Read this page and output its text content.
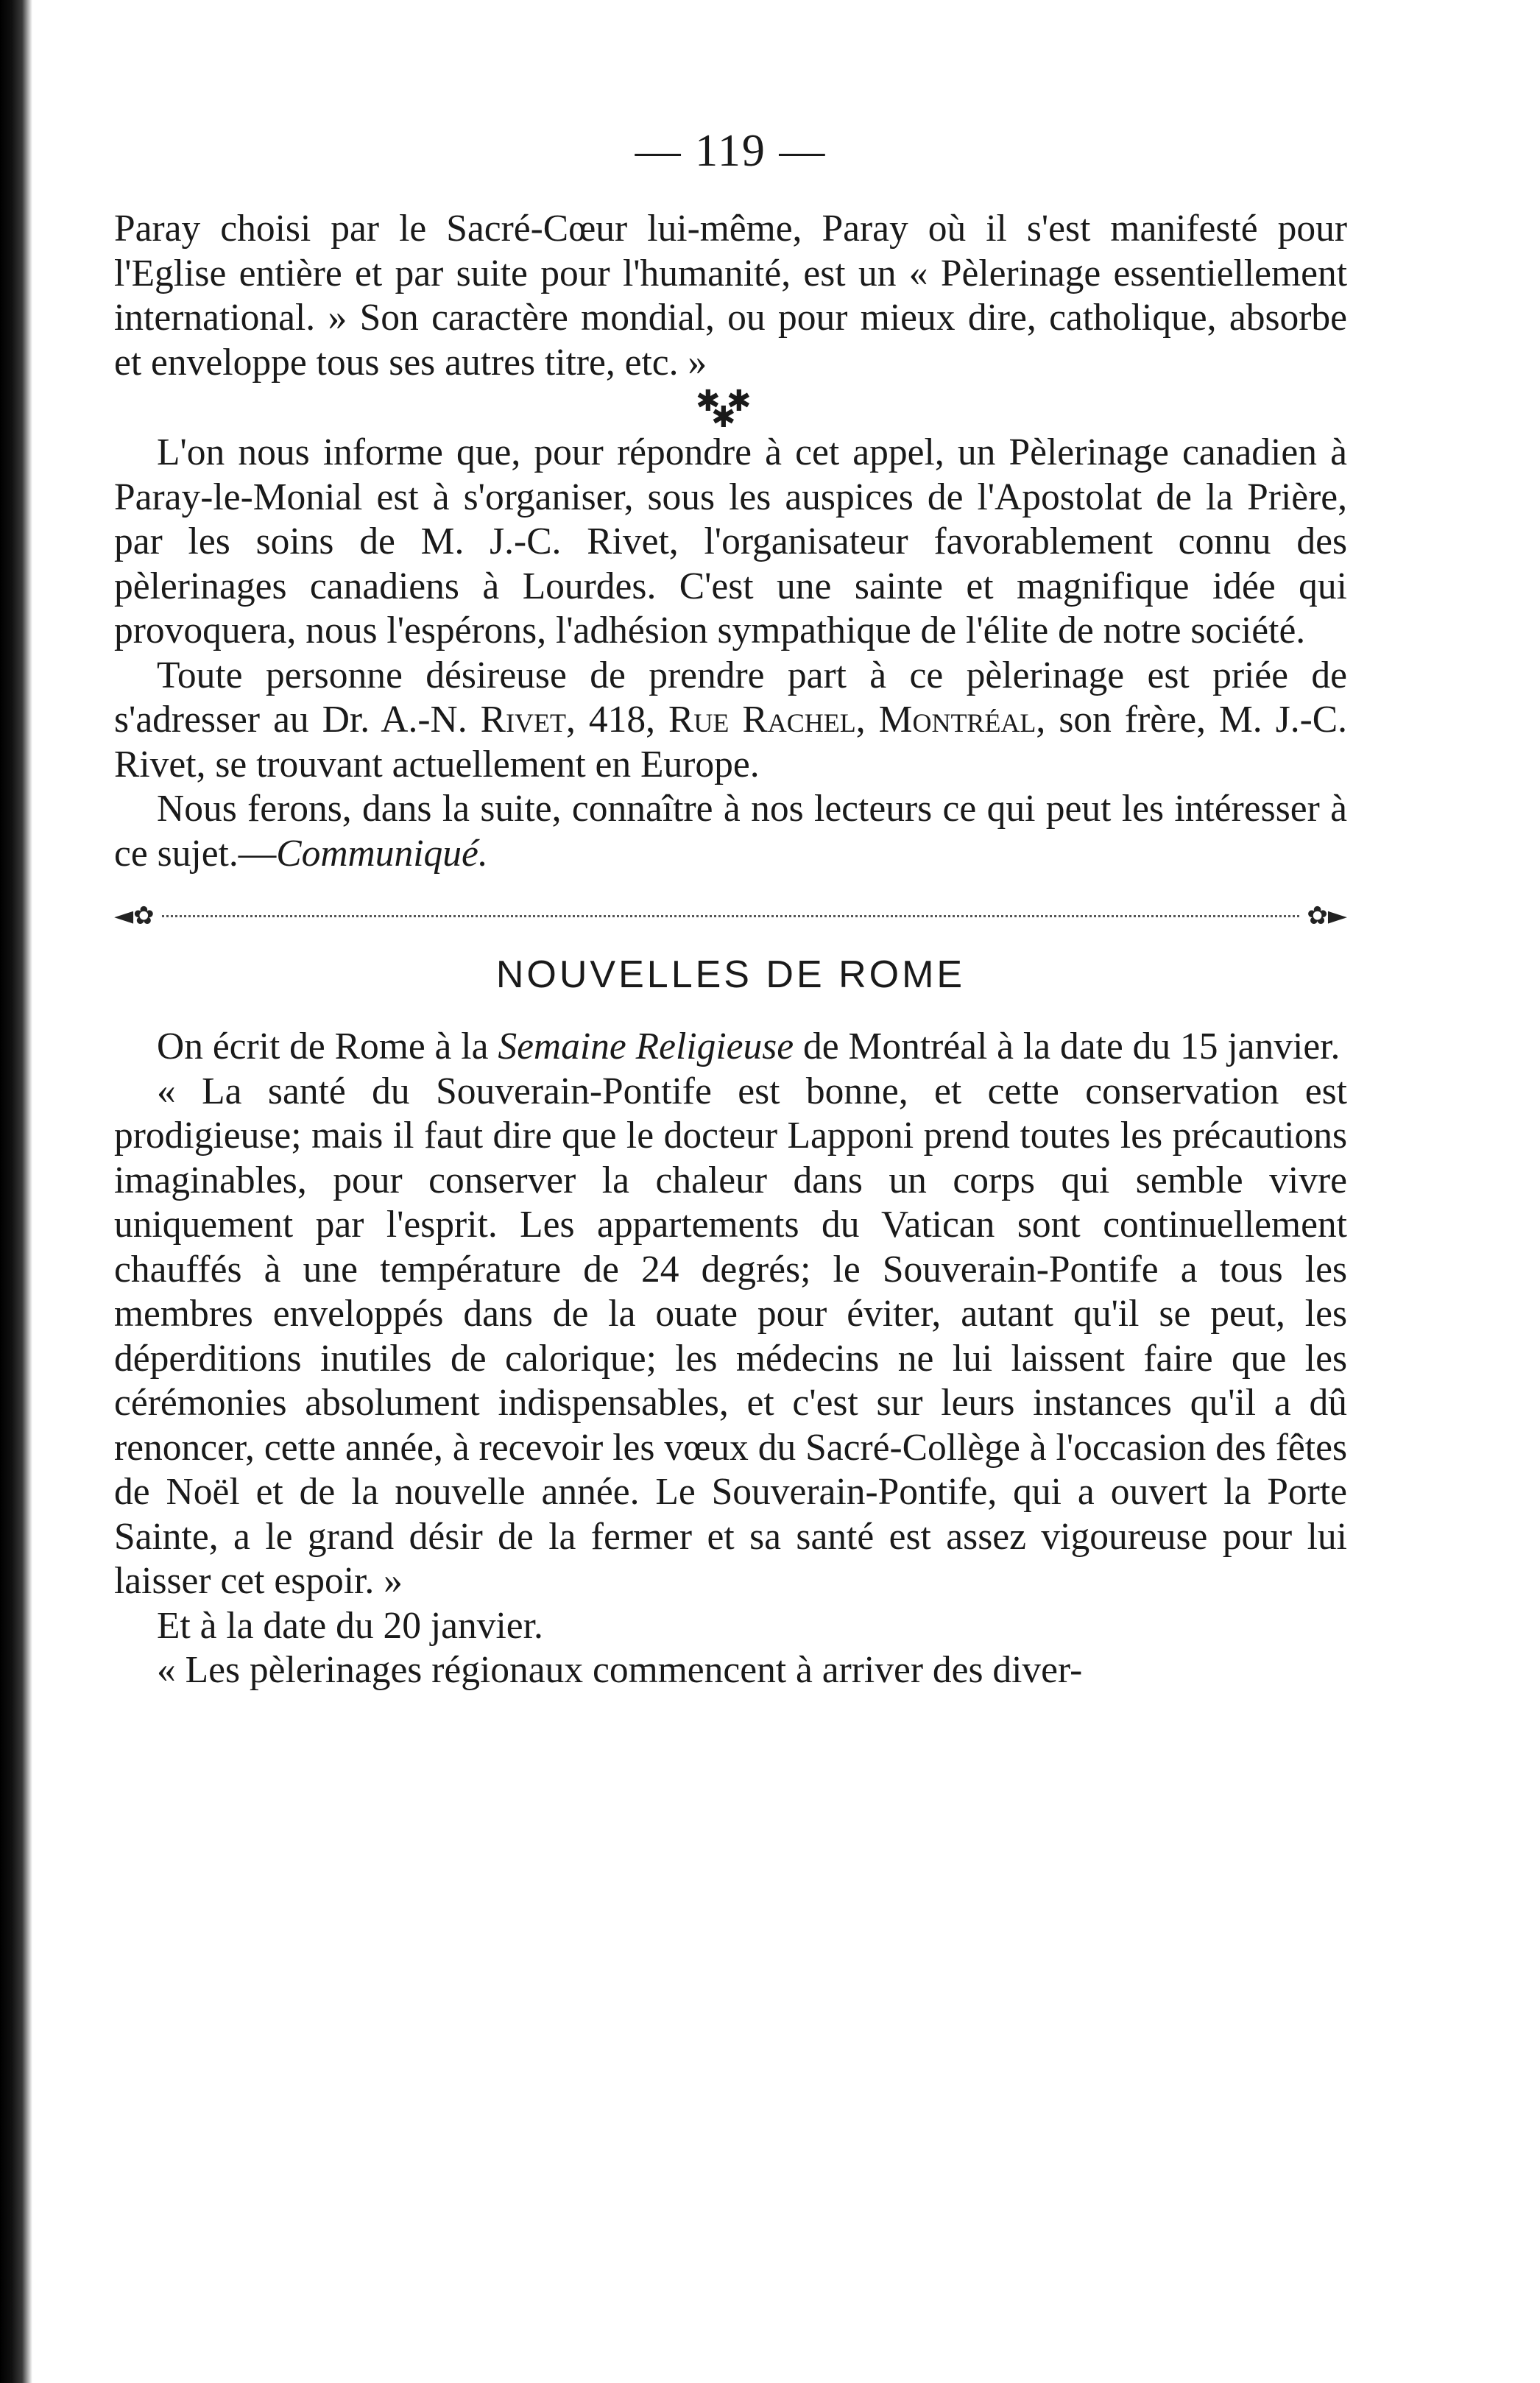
— 119 —

Paray choisi par le Sacré-Cœur lui-même, Paray où il s'est manifesté pour l'Eglise entière et par suite pour l'humanité, est un « Pèlerinage essentiellement international. » Son caractère mondial, ou pour mieux dire, catholique, absorbe et enveloppe tous ses autres titre, etc. »

✱ ✱
✱

L'on nous informe que, pour répondre à cet appel, un Pèlerinage canadien à Paray-le-Monial est à s'organiser, sous les auspices de l'Apostolat de la Prière, par les soins de M. J.-C. Rivet, l'organisateur favorablement connu des pèlerinages canadiens à Lourdes. C'est une sainte et magnifique idée qui provoquera, nous l'espérons, l'adhésion sympathique de l'élite de notre société.

Toute personne désireuse de prendre part à ce pèlerinage est priée de s'adresser au Dr. A.-N. Rivet, 418, Rue Rachel, Montréal, son frère, M. J.-C. Rivet, se trouvant actuellement en Europe.

Nous ferons, dans la suite, connaître à nos lecteurs ce qui peut les intéresser à ce sujet.—Communiqué.

◄✿	✿►
NOUVELLES DE ROME

On écrit de Rome à la Semaine Religieuse de Montréal à la date du 15 janvier.

« La santé du Souverain-Pontife est bonne, et cette conservation est prodigieuse; mais il faut dire que le docteur Lapponi prend toutes les précautions imaginables, pour conserver la chaleur dans un corps qui semble vivre uniquement par l'esprit. Les appartements du Vatican sont continuellement chauffés à une température de 24 degrés; le Souverain-Pontife a tous les membres enveloppés dans de la ouate pour éviter, autant qu'il se peut, les déperditions inutiles de calorique; les médecins ne lui laissent faire que les cérémonies absolument indispensables, et c'est sur leurs instances qu'il a dû renoncer, cette année, à recevoir les vœux du Sacré-Collège à l'occasion des fêtes de Noël et de la nouvelle année. Le Souverain-Pontife, qui a ouvert la Porte Sainte, a le grand désir de la fermer et sa santé est assez vigoureuse pour lui laisser cet espoir. »

Et à la date du 20 janvier.

« Les pèlerinages régionaux commencent à arriver des diver-
